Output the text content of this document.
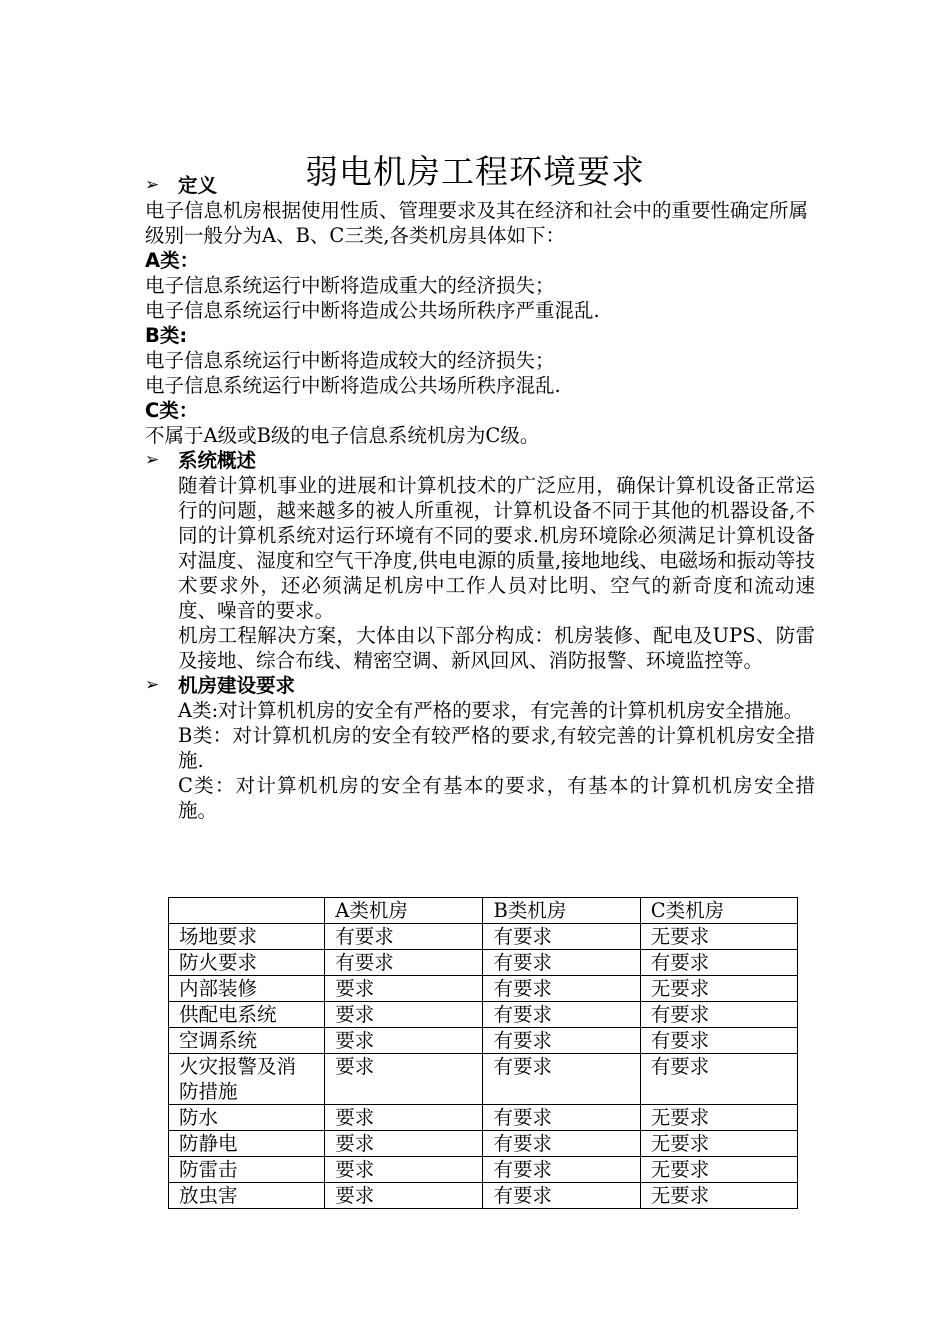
弱电机房工程环境要求
➢ 定义

电子信息机房根据使用性质、管理要求及其在经济和社会中的重要性确定所属级别一般分为A、B、C三类,各类机房具体如下：

A类：

电子信息系统运行中断将造成重大的经济损失；

电子信息系统运行中断将造成公共场所秩序严重混乱.

B类:

电子信息系统运行中断将造成较大的经济损失；

电子信息系统运行中断将造成公共场所秩序混乱.

C类：

不属于A级或B级的电子信息系统机房为C级。

➢ 系统概述

随着计算机事业的进展和计算机技术的广泛应用，确保计算机设备正常运行的问题，越来越多的被人所重视，计算机设备不同于其他的机器设备,不同的计算机系统对运行环境有不同的要求.机房环境除必须满足计算机设备对温度、湿度和空气干净度,供电电源的质量,接地地线、电磁场和振动等技术要求外，还必须满足机房中工作人员对比明、空气的新奇度和流动速度、噪音的要求。

机房工程解决方案，大体由以下部分构成：机房装修、配电及UPS、防雷及接地、综合布线、精密空调、新风回风、消防报警、环境监控等。

➢ 机房建设要求

A类:对计算机机房的安全有严格的要求，有完善的计算机机房安全措施。

B类：对计算机机房的安全有较严格的要求,有较完善的计算机机房安全措施.

C类：对计算机机房的安全有基本的要求，有基本的计算机机房安全措施。

	A类机房	B类机房	C类机房
场地要求	有要求	有要求	无要求
防火要求	有要求	有要求	有要求
内部装修	要求	有要求	无要求
供配电系统	要求	有要求	有要求
空调系统	要求	有要求	有要求
火灾报警及消防措施	要求	有要求	有要求
防水	要求	有要求	无要求
防静电	要求	有要求	无要求
防雷击	要求	有要求	无要求
放虫害	要求	有要求	无要求
